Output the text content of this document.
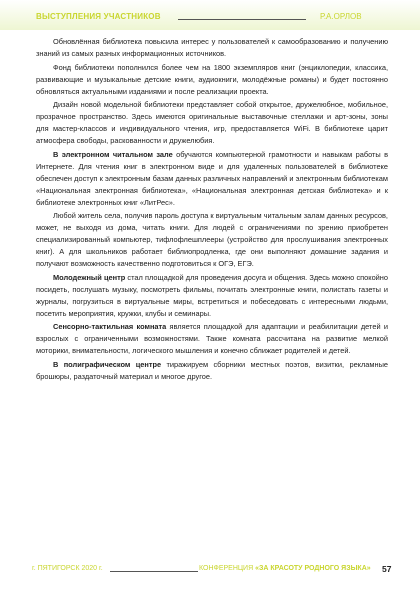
ВЫСТУПЛЕНИЯ УЧАСТНИКОВ	Р.А.ОРЛОВ

Обновлённая библиотека повысила интерес у пользователей к самообразованию и получению знаний из самых разных информационных источников.

Фонд библиотеки пополнился более чем на 1800 экземпляров книг (энциклопедии, классика, развивающие и музыкальные детские книги, аудиокниги, молодёжные романы) и будет постоянно обновляться актуальными изданиями и после реализации проекта.

Дизайн новой модельной библиотеки представляет собой открытое, дружелюбное, мобильное, прозрачное пространство. Здесь имеются оригинальные выставочные стеллажи и арт-зоны, зоны для мастер-классов и индивидуального чтения, игр, предоставляется WiFi. В библиотеке царит атмосфера свободы, раскованности и дружелюбия.

В электронном читальном зале обучаются компьютерной грамотности и навыкам работы в Интернете. Для чтения книг в электронном виде и для удаленных пользователей в библиотеке обеспечен доступ к электронным базам данных различных направлений и электронным библиотекам «Национальная электронная библиотека», «Национальная электронная детская библиотека» и к библиотеке электронных книг «ЛитРес».

Любой житель села, получив пароль доступа к виртуальным читальным залам данных ресурсов, может, не выходя из дома, читать книги. Для людей с ограничениями по зрению приобретен специализированный компьютер, тифлофлешплееры (устройство для прослушивания электронных книг). А для школьников работает библиопродленка, где они выполняют домашние задания и получают возможность качественно подготовиться к ОГЭ, ЕГЭ.

Молодежный центр стал площадкой для проведения досуга и общения. Здесь можно спокойно посидеть, послушать музыку, посмотреть фильмы, почитать электронные книги, полистать газеты и журналы, погрузиться в виртуальные миры, встретиться и побеседовать с интересными людьми, посетить мероприятия, кружки, клубы и семинары.

Сенсорно-тактильная комната является площадкой для адаптации и реабилитации детей и взрослых с ограниченными возможностями. Также комната рассчитана на развитие мелкой моторики, внимательности, логического мышления и конечно сближает родителей и детей.

В полиграфическом центре тиражируем сборники местных поэтов, визитки, рекламные брошюры, раздаточный материал и многое другое.

г. ПЯТИГОРСК 2020 г.	КОНФЕРЕНЦИЯ «ЗА КРАСОТУ РОДНОГО ЯЗЫКА» 57
